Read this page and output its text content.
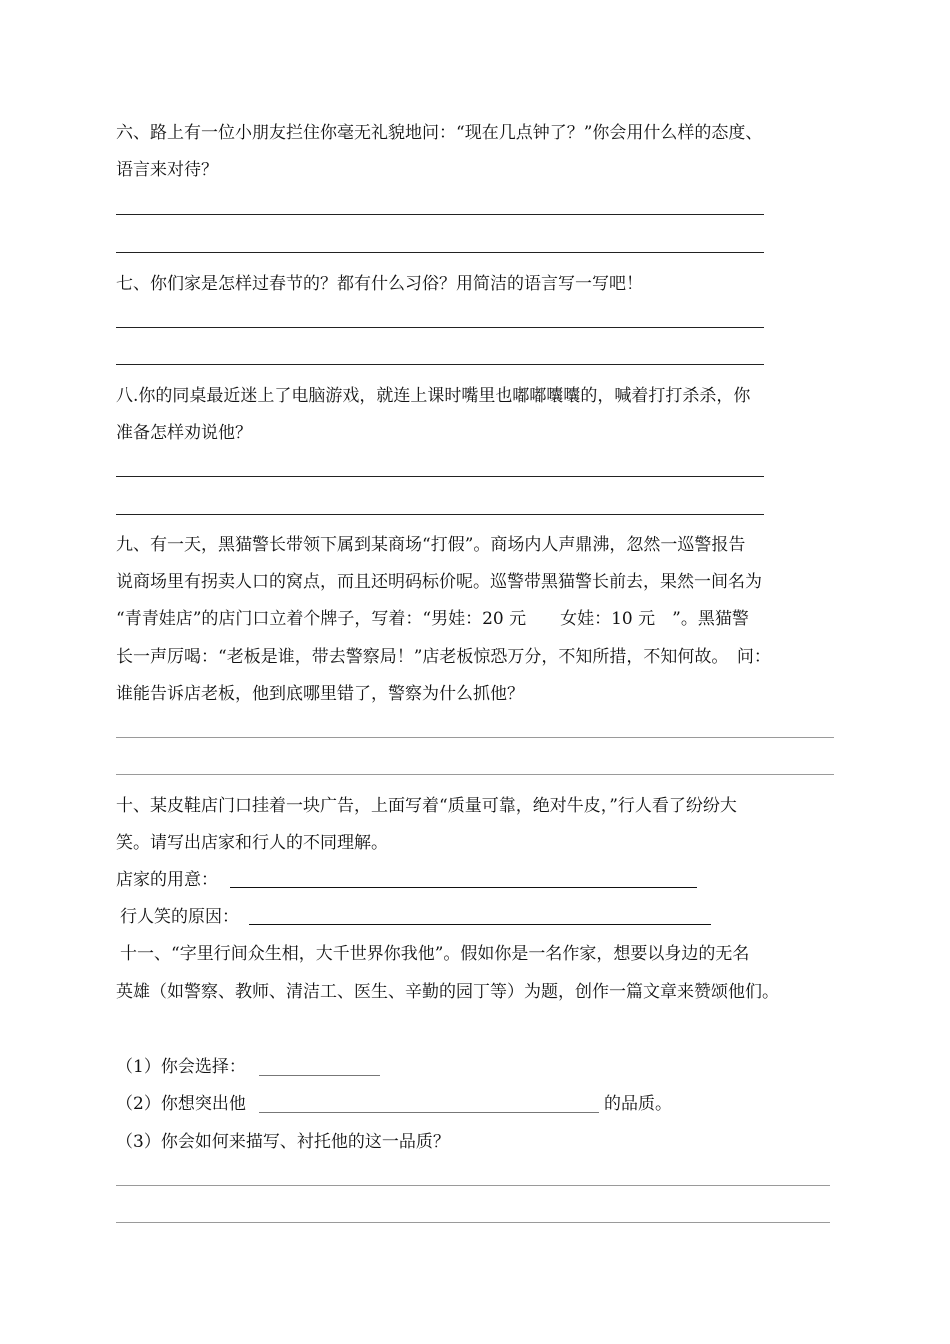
六、路上有一位小朋友拦住你毫无礼貌地问：“现在几点钟了？”你会用什么样的态度、
语言来对待？
七、你们家是怎样过春节的？都有什么习俗？用简洁的语言写一写吧！
八.你的同桌最近迷上了电脑游戏，就连上课时嘴里也嘟嘟囔囔的，喊着打打杀杀，你
准备怎样劝说他？
九、有一天，黑猫警长带领下属到某商场“打假”。商场内人声鼎沸，忽然一巡警报告
说商场里有拐卖人口的窝点，而且还明码标价呢。巡警带黑猫警长前去，果然一间名为
“青青娃店”的店门口立着个牌子，写着：“男娃：20 元　　女娃：10 元　”。黑猫警
长一声厉喝：“老板是谁，带去警察局！”店老板惊恐万分，不知所措，不知何故。　问：
谁能告诉店老板，他到底哪里错了，警察为什么抓他？
十、某皮鞋店门口挂着一块广告，上面写着“质量可靠，绝对牛皮，”行人看了纷纷大
笑。请写出店家和行人的不同理解。
店家的用意：
行人笑的原因：
十一、“字里行间众生相，大千世界你我他”。假如你是一名作家，想要以身边的无名
英雄（如警察、教师、清洁工、医生、辛勤的园丁等）为题，创作一篇文章来赞颂他们。
（1）你会选择：
（2）你想突出他	的品质。
（3）你会如何来描写、衬托他的这一品质？
